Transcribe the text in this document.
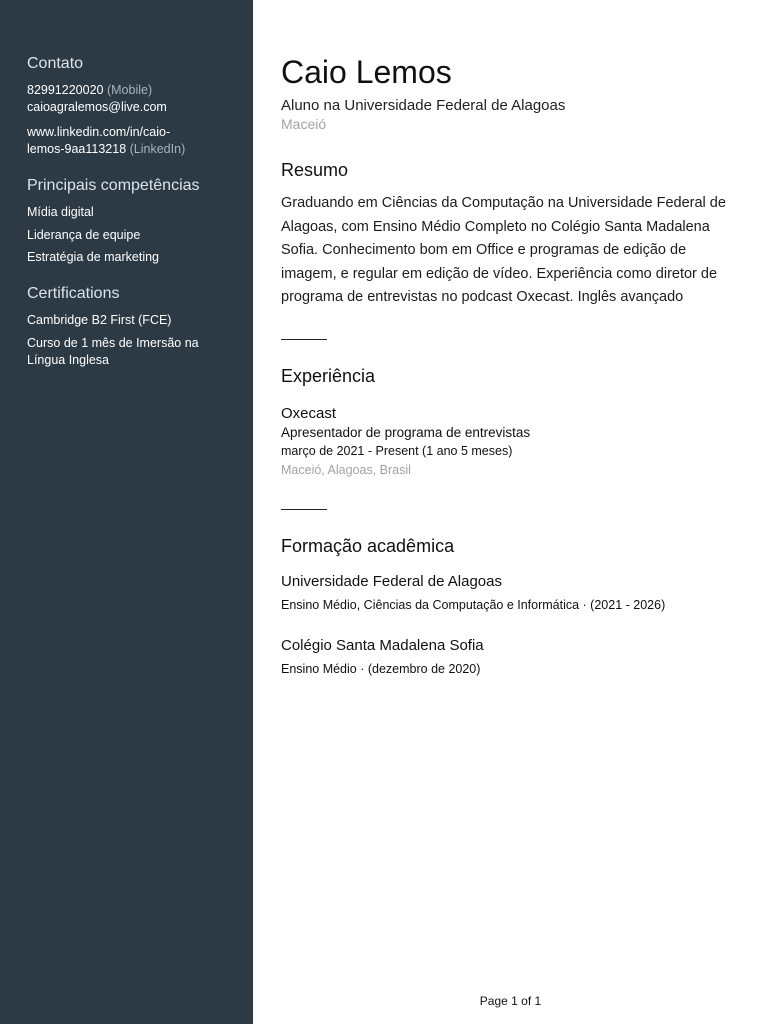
Contato
82991220020 (Mobile)
caioagralemos@live.com
www.linkedin.com/in/caio-
lemos-9aa113218 (LinkedIn)
Principais competências
Mídia digital
Liderança de equipe
Estratégia de marketing
Certifications
Cambridge B2 First (FCE)
Curso de 1 mês de Imersão na Língua Inglesa
Caio Lemos
Aluno na Universidade Federal de Alagoas
Maceió
Resumo
Graduando em Ciências da Computação na Universidade Federal de Alagoas, com Ensino Médio Completo no Colégio Santa Madalena Sofia. Conhecimento bom em Office e programas de edição de imagem, e regular em edição de vídeo. Experiência como diretor de programa de entrevistas no podcast Oxecast. Inglês avançado
Experiência
Oxecast
Apresentador de programa de entrevistas
março de 2021 - Present (1 ano 5 meses)
Maceió, Alagoas, Brasil
Formação acadêmica
Universidade Federal de Alagoas
Ensino Médio, Ciências da Computação e Informática · (2021 - 2026)
Colégio Santa Madalena Sofia
Ensino Médio · (dezembro de 2020)
Page 1 of 1
